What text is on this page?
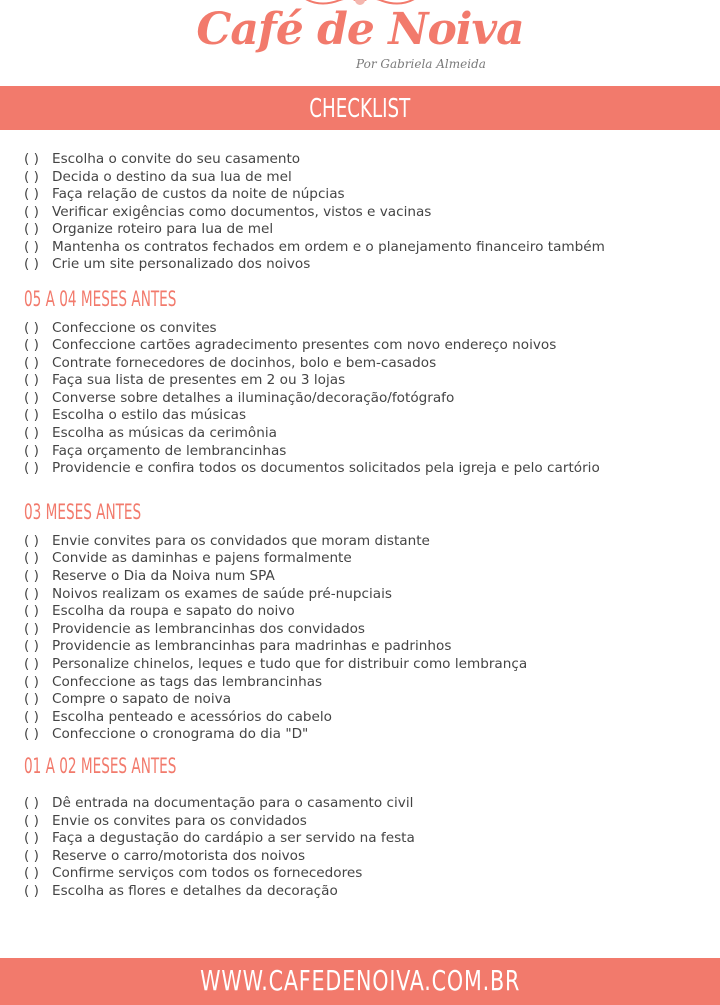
Café de Noiva
Por Gabriela Almeida
CHECKLIST
( ) Escolha o convite do seu casamento
( ) Decida o destino da sua lua de mel
( ) Faça relação de custos da noite de núpcias
( ) Verificar exigências como documentos, vistos e vacinas
( ) Organize roteiro para lua de mel
( ) Mantenha os contratos fechados em ordem e o planejamento financeiro também
( ) Crie um site personalizado dos noivos
05 A 04 MESES ANTES
( ) Confeccione os convites
( ) Confeccione cartões agradecimento presentes com novo endereço noivos
( ) Contrate fornecedores de docinhos, bolo e bem-casados
( ) Faça sua lista de presentes em 2 ou 3 lojas
( ) Converse sobre detalhes a iluminação/decoração/fotógrafo
( ) Escolha o estilo das músicas
( ) Escolha as músicas da cerimônia
( ) Faça orçamento de lembrancinhas
( ) Providencie e confira todos os documentos solicitados pela igreja e pelo cartório
03 MESES ANTES
( ) Envie convites para os convidados que moram distante
( ) Convide as daminhas e pajens formalmente
( ) Reserve o Dia da Noiva num SPA
( ) Noivos realizam os exames de saúde pré-nupciais
( ) Escolha da roupa e sapato do noivo
( ) Providencie as lembrancinhas dos convidados
( ) Providencie as lembrancinhas para madrinhas e padrinhos
( ) Personalize chinelos, leques e tudo que for distribuir como lembrança
( ) Confeccione as tags das lembrancinhas
( ) Compre o sapato de noiva
( ) Escolha penteado e acessórios do cabelo
( ) Confeccione o cronograma do dia "D"
01 A 02 MESES ANTES
( ) Dê entrada na documentação para o casamento civil
( ) Envie os convites para os convidados
( ) Faça a degustação do cardápio a ser servido na festa
( ) Reserve o carro/motorista dos noivos
( ) Confirme serviços com todos os fornecedores
( ) Escolha as flores e detalhes da decoração
WWW.CAFEDENOIVA.COM.BR
